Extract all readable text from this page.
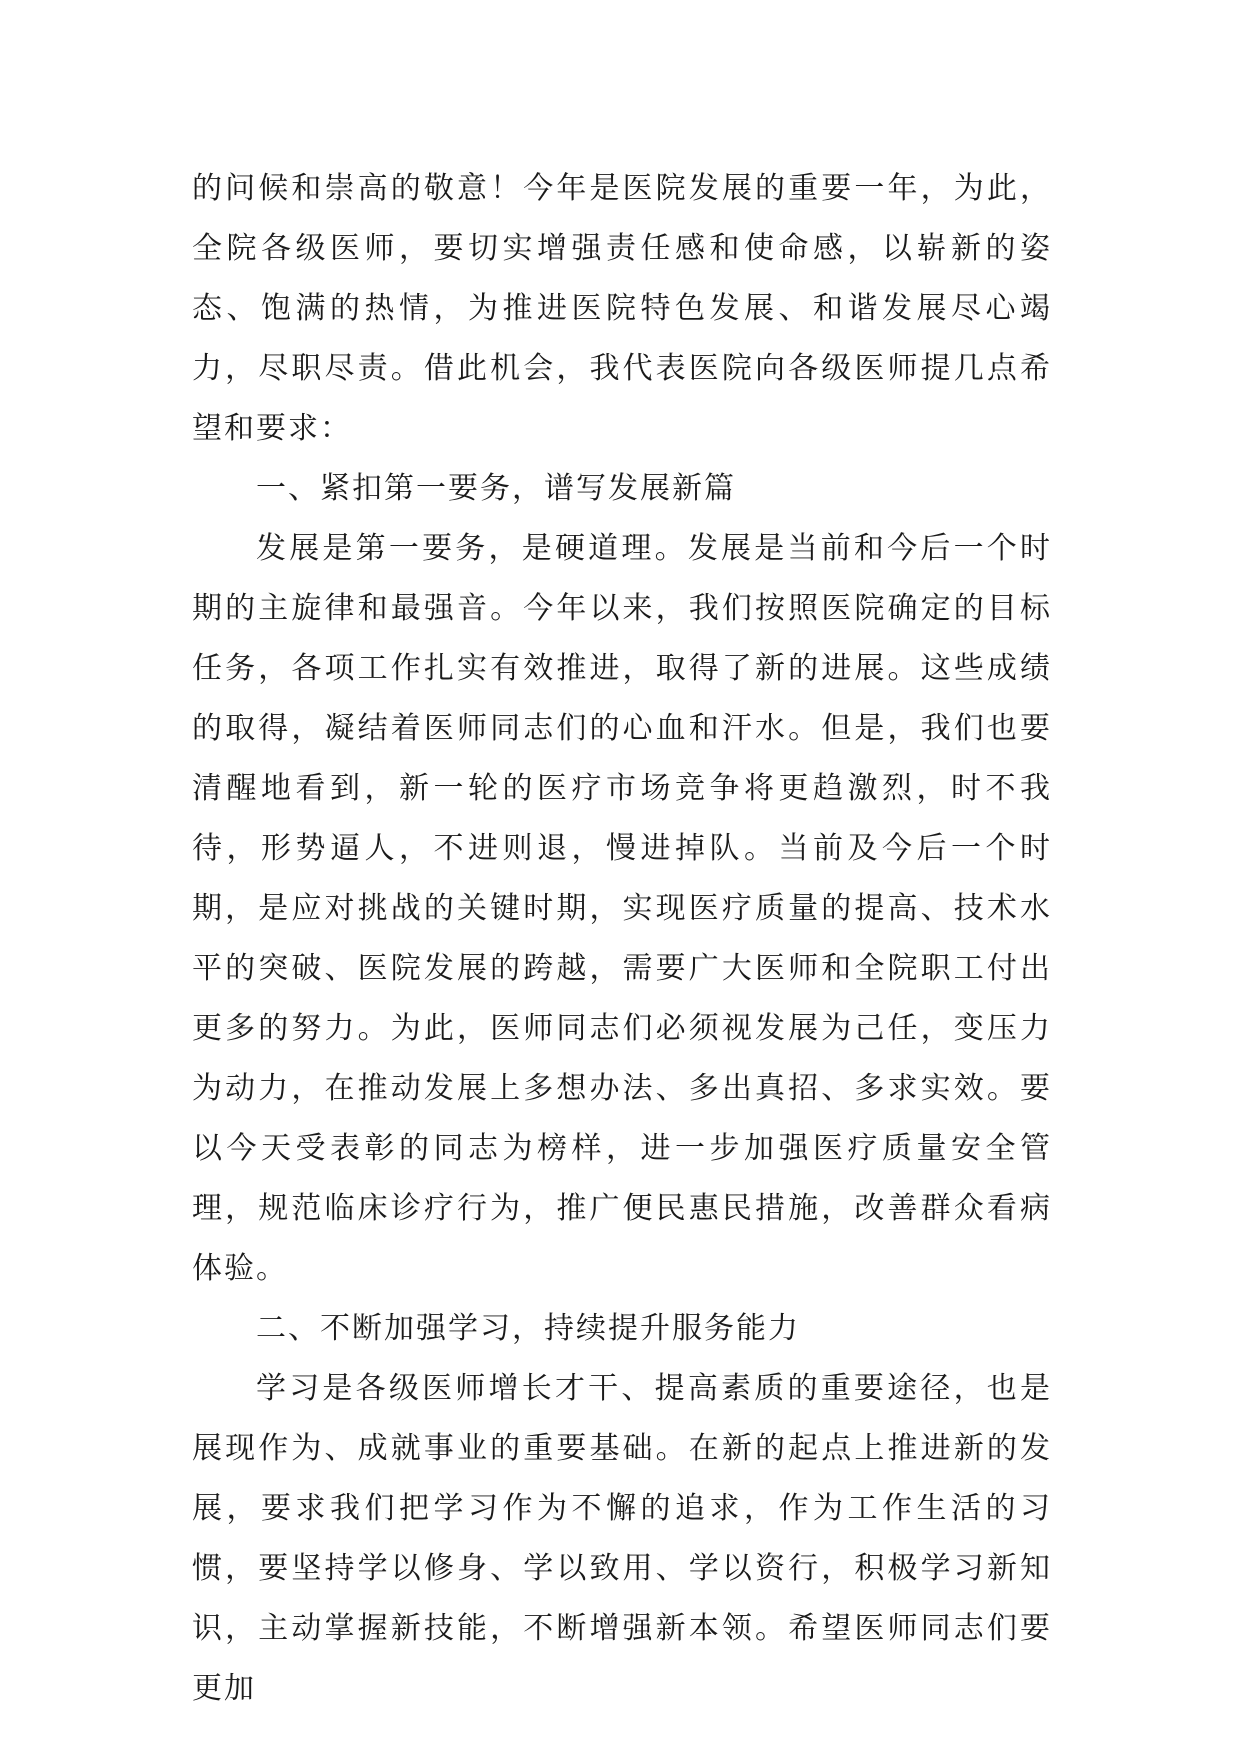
的问候和崇高的敬意！今年是医院发展的重要一年，为此，全院各级医师，要切实增强责任感和使命感，以崭新的姿态、饱满的热情，为推进医院特色发展、和谐发展尽心竭力，尽职尽责。借此机会，我代表医院向各级医师提几点希望和要求：

一、紧扣第一要务，谱写发展新篇

发展是第一要务，是硬道理。发展是当前和今后一个时期的主旋律和最强音。今年以来，我们按照医院确定的目标任务，各项工作扎实有效推进，取得了新的进展。这些成绩的取得，凝结着医师同志们的心血和汗水。但是，我们也要清醒地看到，新一轮的医疗市场竞争将更趋激烈，时不我待，形势逼人，不进则退，慢进掉队。当前及今后一个时期，是应对挑战的关键时期，实现医疗质量的提高、技术水平的突破、医院发展的跨越，需要广大医师和全院职工付出更多的努力。为此，医师同志们必须视发展为己任，变压力为动力，在推动发展上多想办法、多出真招、多求实效。要以今天受表彰的同志为榜样，进一步加强医疗质量安全管理，规范临床诊疗行为，推广便民惠民措施，改善群众看病体验。

二、不断加强学习，持续提升服务能力

学习是各级医师增长才干、提高素质的重要途径，也是展现作为、成就事业的重要基础。在新的起点上推进新的发展，要求我们把学习作为不懈的追求，作为工作生活的习惯，要坚持学以修身、学以致用、学以资行，积极学习新知识，主动掌握新技能，不断增强新本领。希望医师同志们要更加
